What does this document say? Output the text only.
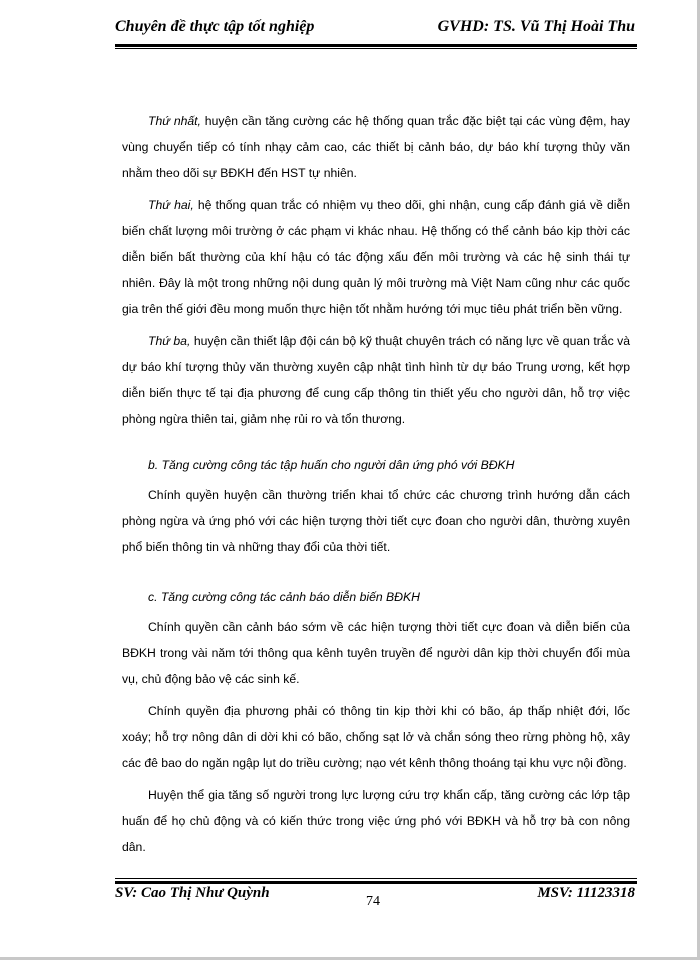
Chuyên đề thực tập tốt nghiệp	GVHD: TS. Vũ Thị Hoài Thu

Thứ nhất, huyện cần tăng cường các hệ thống quan trắc đặc biệt tại các vùng đệm, hay vùng chuyển tiếp có tính nhạy cảm cao, các thiết bị cảnh báo, dự báo khí tượng thủy văn nhằm theo dõi sự BĐKH đến HST tự nhiên.

Thứ hai, hệ thống quan trắc có nhiệm vụ theo dõi, ghi nhận, cung cấp đánh giá về diễn biến chất lượng môi trường ở các phạm vi khác nhau. Hệ thống có thể cảnh báo kịp thời các diễn biến bất thường của khí hậu có tác động xấu đến môi trường và các hệ sinh thái tự nhiên. Đây là một trong những nội dung quản lý môi trường mà Việt Nam cũng như các quốc gia trên thế giới đều mong muốn thực hiện tốt nhằm hướng tới mục tiêu phát triển bền vững.

Thứ ba, huyện cần thiết lập đội cán bộ kỹ thuật chuyên trách có năng lực về quan trắc và dự báo khí tượng thủy văn thường xuyên cập nhật tình hình từ dự báo Trung ương, kết hợp diễn biến thực tế tại địa phương để cung cấp thông tin thiết yếu cho người dân, hỗ trợ việc phòng ngừa thiên tai, giảm nhẹ rủi ro và tổn thương.

b. Tăng cường công tác tập huấn cho người dân ứng phó với BĐKH

Chính quyền huyện cần thường triển khai tổ chức các chương trình hướng dẫn cách phòng ngừa và ứng phó với các hiện tượng thời tiết cực đoan cho người dân, thường xuyên phổ biến thông tin và những thay đổi của thời tiết.

c. Tăng cường công tác cảnh báo diễn biến BĐKH

Chính quyền cần cảnh báo sớm về các hiện tượng thời tiết cực đoan và diễn biến của BĐKH trong vài năm tới thông qua kênh tuyên truyền để người dân kịp thời chuyển đổi mùa vụ, chủ động bảo vệ các sinh kế.

Chính quyền địa phương phải có thông tin kịp thời khi có bão, áp thấp nhiệt đới, lốc xoáy; hỗ trợ nông dân di dời khi có bão, chống sạt lở và chắn sóng theo rừng phòng hộ, xây các đê bao do ngăn ngập lụt do triều cường; nạo vét kênh thông thoáng tại khu vực nội đồng.

Huyện thể gia tăng số người trong lực lượng cứu trợ khẩn cấp, tăng cường các lớp tập huấn để họ chủ động và có kiến thức trong việc ứng phó với BĐKH và hỗ trợ bà con nông dân.

SV: Cao Thị Như Quỳnh	MSV: 11123318
74
